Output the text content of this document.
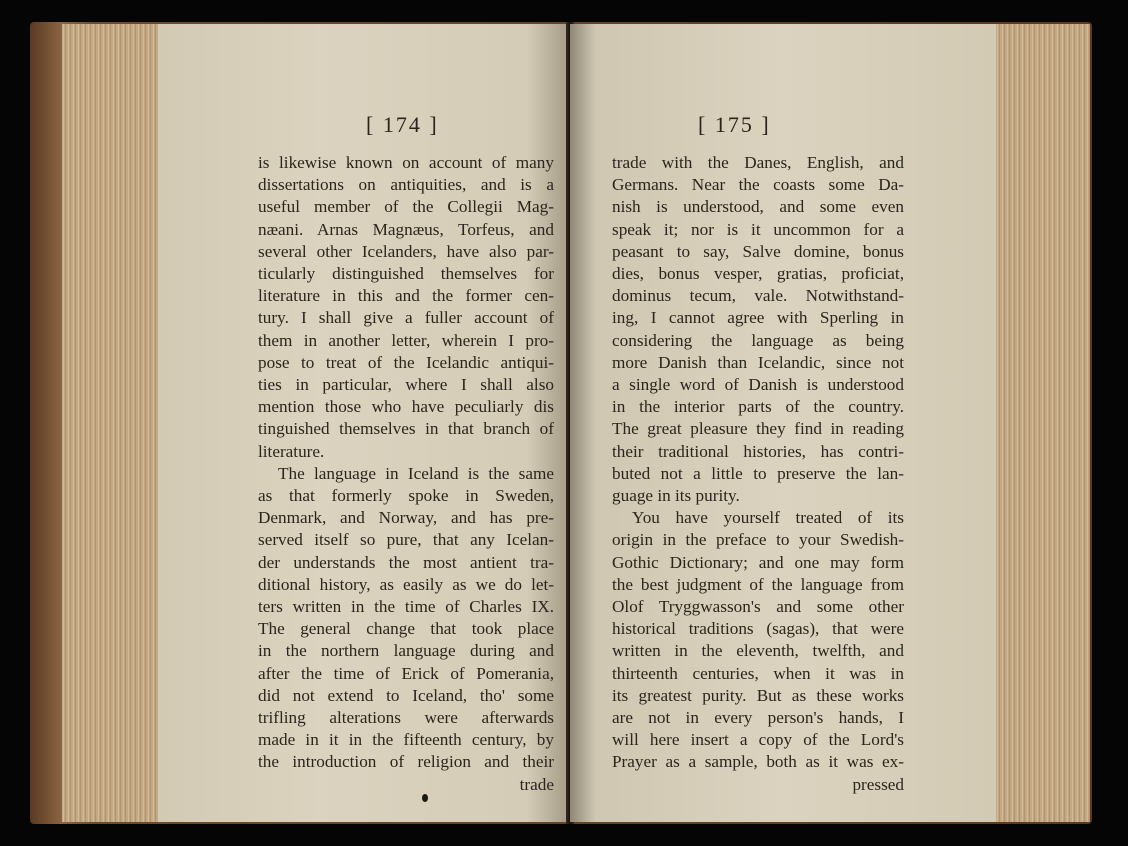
[ 174 ]
is likewise known on account of many
dissertations on antiquities, and is a
useful member of the Collegii Mag-
næani. Arnas Magnæus, Torfeus, and
several other Icelanders, have also par-
ticularly distinguished themselves for
literature in this and the former cen-
tury. I shall give a fuller account of
them in another letter, wherein I pro-
pose to treat of the Icelandic antiqui-
ties in particular, where I shall also
mention those who have peculiarly dis
tinguished themselves in that branch of
literature.
The language in Iceland is the same
as that formerly spoke in Sweden,
Denmark, and Norway, and has pre-
served itself so pure, that any Icelan-
der understands the most antient tra-
ditional history, as easily as we do let-
ters written in the time of Charles IX.
The general change that took place
in the northern language during and
after the time of Erick of Pomerania,
did not extend to Iceland, tho' some
trifling alterations were afterwards
made in it in the fifteenth century, by
the introduction of religion and their
trade
[ 175 ]
trade with the Danes, English, and
Germans. Near the coasts some Da-
nish is understood, and some even
speak it; nor is it uncommon for a
peasant to say, Salve domine, bonus
dies, bonus vesper, gratias, proficiat,
dominus tecum, vale. Notwithstand-
ing, I cannot agree with Sperling in
considering the language as being
more Danish than Icelandic, since not
a single word of Danish is understood
in the interior parts of the country.
The great pleasure they find in reading
their traditional histories, has contri-
buted not a little to preserve the lan-
guage in its purity.
You have yourself treated of its
origin in the preface to your Swedish-
Gothic Dictionary; and one may form
the best judgment of the language from
Olof Tryggwasson's and some other
historical traditions (sagas), that were
written in the eleventh, twelfth, and
thirteenth centuries, when it was in
its greatest purity. But as these works
are not in every person's hands, I
will here insert a copy of the Lord's
Prayer as a sample, both as it was ex-
pressed
